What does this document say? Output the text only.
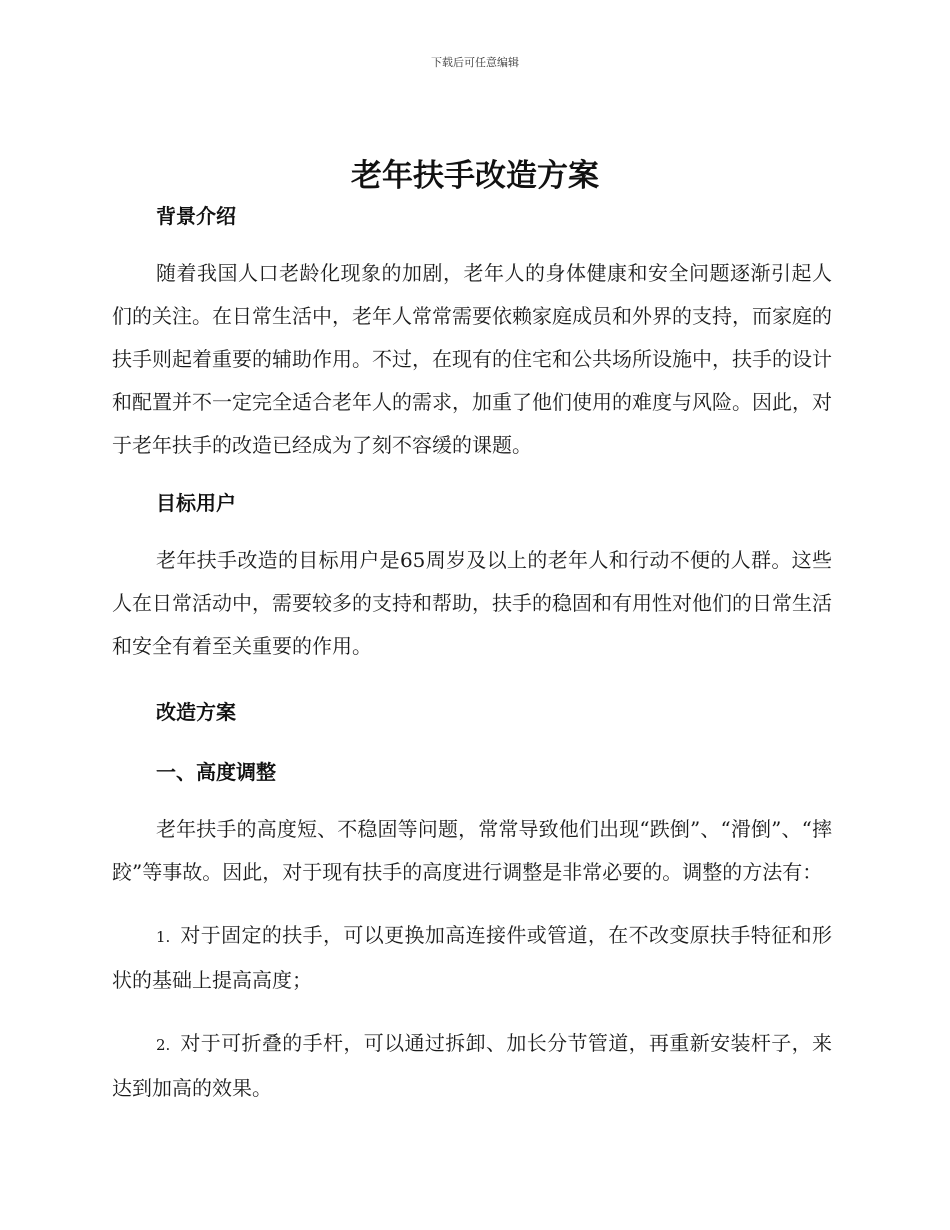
下载后可任意编辑
老年扶手改造方案

背景介绍

随着我国人口老龄化现象的加剧，老年人的身体健康和安全问题逐渐引起人们的关注。在日常生活中，老年人常常需要依赖家庭成员和外界的支持，而家庭的扶手则起着重要的辅助作用。不过，在现有的住宅和公共场所设施中，扶手的设计和配置并不一定完全适合老年人的需求，加重了他们使用的难度与风险。因此，对于老年扶手的改造已经成为了刻不容缓的课题。

目标用户

老年扶手改造的目标用户是65周岁及以上的老年人和行动不便的人群。这些人在日常活动中，需要较多的支持和帮助，扶手的稳固和有用性对他们的日常生活和安全有着至关重要的作用。

改造方案

一、高度调整

老年扶手的高度短、不稳固等问题，常常导致他们出现“跌倒”、“滑倒”、“摔跤”等事故。因此，对于现有扶手的高度进行调整是非常必要的。调整的方法有：

1. 对于固定的扶手，可以更换加高连接件或管道，在不改变原扶手特征和形状的基础上提高高度；

2. 对于可折叠的手杆，可以通过拆卸、加长分节管道，再重新安装杆子，来达到加高的效果。
